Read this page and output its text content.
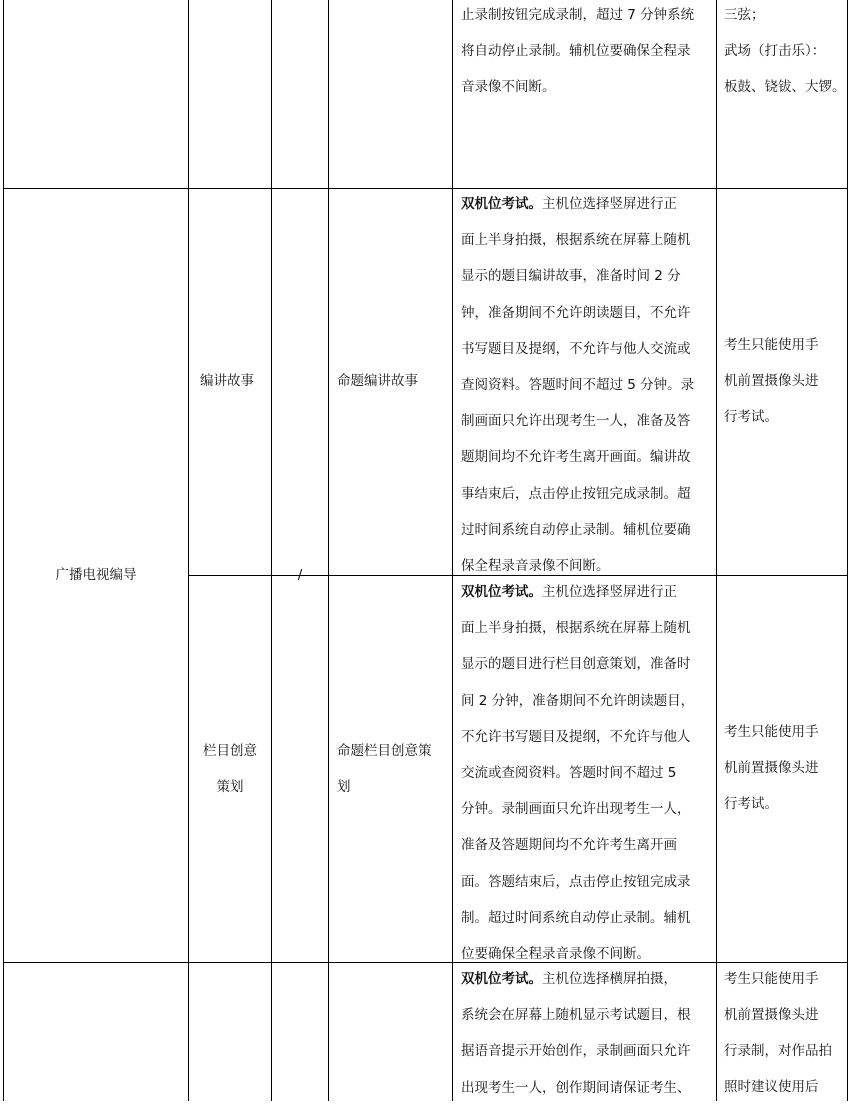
止录制按钮完成录制，超过 7 分钟系统
将自动停止录制。辅机位要确保全程录
音录像不间断。
三弦；
武场（打击乐）：
板鼓、铙钹、大锣。
广播电视编导	/
编讲故事	命题编讲故事
双机位考试。主机位选择竖屏进行正
面上半身拍摄，根据系统在屏幕上随机
显示的题目编讲故事，准备时间 2 分
钟，准备期间不允许朗读题目，不允许
书写题目及提纲，不允许与他人交流或
查阅资料。答题时间不超过 5 分钟。录
制画面只允许出现考生一人，准备及答
题期间均不允许考生离开画面。编讲故
事结束后，点击停止按钮完成录制。超
过时间系统自动停止录制。辅机位要确
保全程录音录像不间断。
考生只能使用手
机前置摄像头进
行考试。
栏目创意
策划
命题栏目创意策
划
双机位考试。主机位选择竖屏进行正
面上半身拍摄，根据系统在屏幕上随机
显示的题目进行栏目创意策划，准备时
间 2 分钟，准备期间不允许朗读题目，
不允许书写题目及提纲，不允许与他人
交流或查阅资料。答题时间不超过 5
分钟。录制画面只允许出现考生一人，
准备及答题期间均不允许考生离开画
面。答题结束后，点击停止按钮完成录
制。超过时间系统自动停止录制。辅机
位要确保全程录音录像不间断。
考生只能使用手
机前置摄像头进
行考试。
双机位考试。主机位选择横屏拍摄，
系统会在屏幕上随机显示考试题目，根
据语音提示开始创作，录制画面只允许
出现考生一人，创作期间请保证考生、
考生只能使用手
机前置摄像头进
行录制，对作品拍
照时建议使用后
